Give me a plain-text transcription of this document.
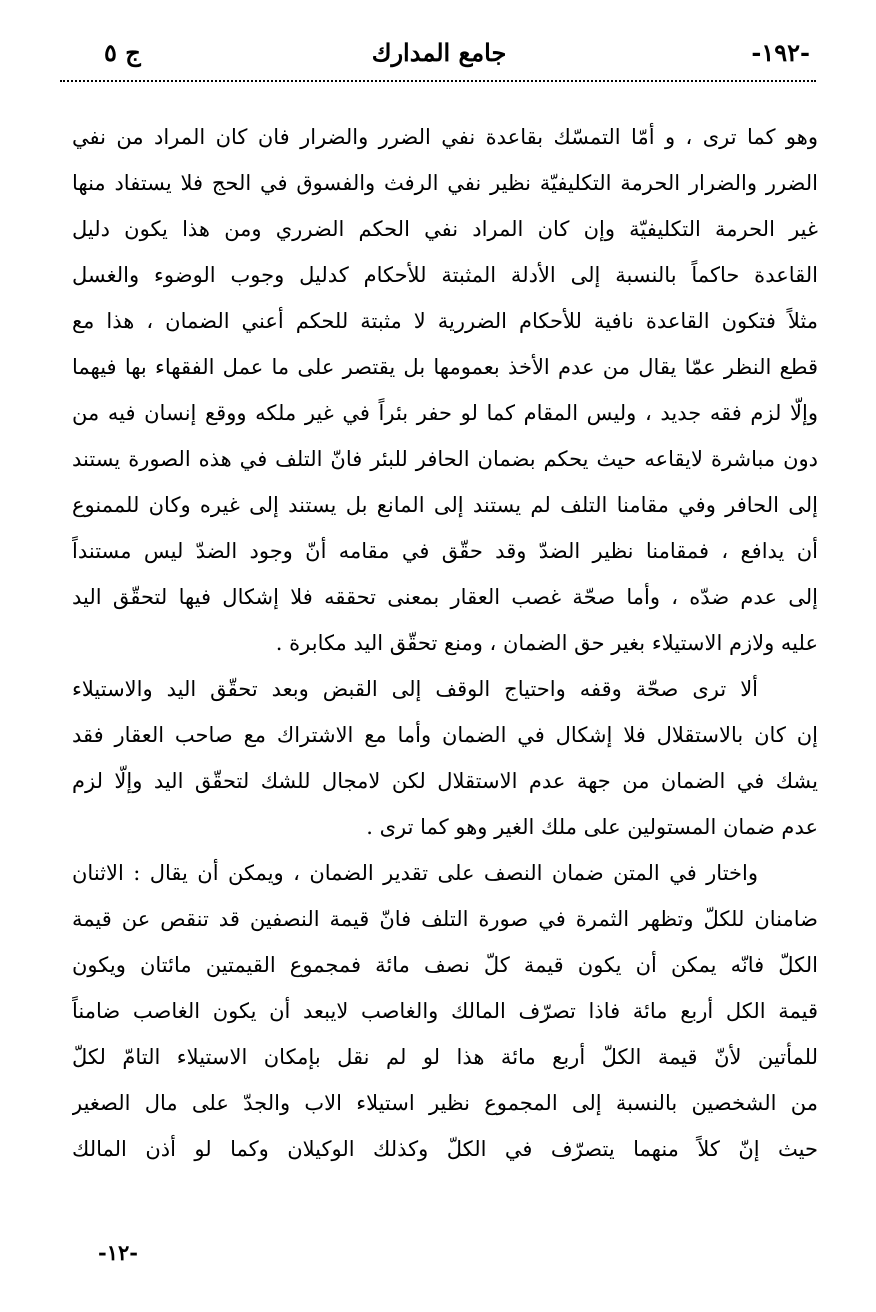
-١٩٢-
جامع المدارك
ج ٥
وهو كما ترى ، و أمّا التمسّك بقاعدة نفي الضرر والضرار فان كان المراد من نفي
الضرر والضرار الحرمة التكليفيّة نظير نفي الرفث والفسوق في الحج فلا يستفاد منها
غير الحرمة التكليفيّة وإن كان المراد نفي الحكم الضرري ومن هذا يكون دليل
القاعدة حاكماً بالنسبة إلى الأدلة المثبتة للأحكام كدليل وجوب الوضوء والغسل
مثلاً فتكون القاعدة نافية للأحكام الضررية لا مثبتة للحكم أعني الضمان ، هذا مع
قطع النظر عمّا يقال من عدم الأخذ بعمومها بل يقتصر على ما عمل الفقهاء بها فيهما
وإلّا لزم فقه جديد ، وليس المقام كما لو حفر بئراً في غير ملكه ووقع إنسان فيه من
دون مباشرة لايقاعه حيث يحكم بضمان الحافر للبئر فانّ التلف في هذه الصورة يستند
إلى الحافر وفي مقامنا التلف لم يستند إلى المانع بل يستند إلى غيره وكان للممنوع
أن يدافع ، فمقامنا نظير الضدّ وقد حقّق في مقامه أنّ وجود الضدّ ليس مستنداً
إلى عدم ضدّه ، وأما صحّة غصب العقار بمعنى تحققه فلا إشكال فيها لتحقّق اليد
عليه ولازم الاستيلاء بغير حق الضمان ، ومنع تحقّق اليد مكابرة .
ألا ترى صحّة وقفه واحتياج الوقف إلى القبض وبعد تحقّق اليد والاستيلاء
إن كان بالاستقلال فلا إشكال في الضمان وأما مع الاشتراك مع صاحب العقار فقد
يشك في الضمان من جهة عدم الاستقلال لكن لامجال للشك لتحقّق اليد وإلّا لزم
عدم ضمان المستولين على ملك الغير وهو كما ترى .
واختار في المتن ضمان النصف على تقدير الضمان ، ويمكن أن يقال : الاثنان
ضامنان للكلّ وتظهر الثمرة في صورة التلف فانّ قيمة النصفين قد تنقص عن قيمة
الكلّ فانّه يمكن أن يكون قيمة كلّ نصف مائة فمجموع القيمتين مائتان ويكون
قيمة الكل أربع مائة فاذا تصرّف المالك والغاصب لايبعد أن يكون الغاصب ضامناً
للمأتين لأنّ قيمة الكلّ أربع مائة هذا لو لم نقل بإمكان الاستيلاء التامّ لكلّ
من الشخصين بالنسبة إلى المجموع نظير استيلاء الاب والجدّ على مال الصغير
حيث إنّ كلاً منهما يتصرّف في الكلّ وكذلك الوكيلان وكما لو أذن المالك
-١٢-
